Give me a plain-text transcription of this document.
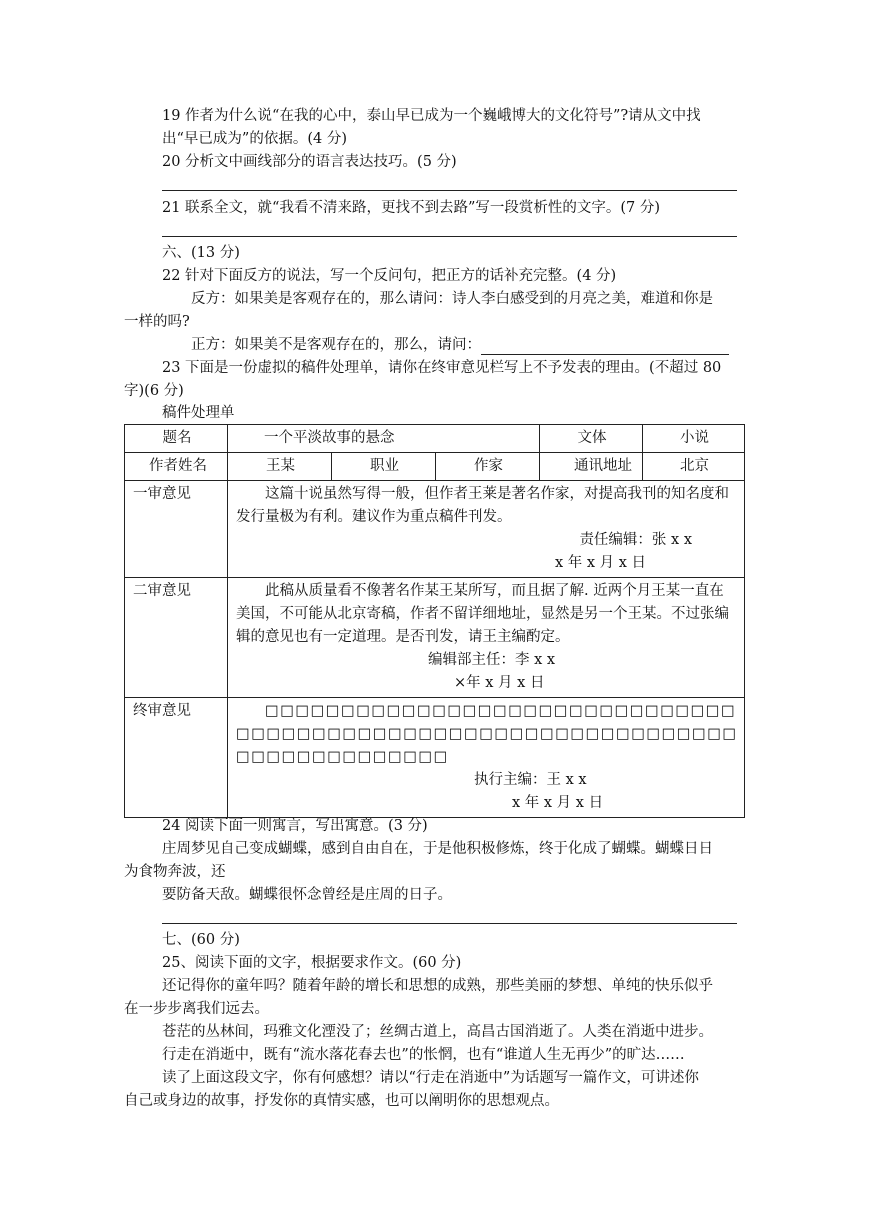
19 作者为什么说“在我的心中，泰山早已成为一个巍峨博大的文化符号”?请从文中找
出“早已成为”的依据。(4 分)
20 分析文中画线部分的语言表达技巧。(5 分)
21 联系全文，就“我看不清来路，更找不到去路”写一段赏析性的文字。(7 分)
六、(13 分)
22 针对下面反方的说法，写一个反问句，把正方的话补充完整。(4 分)
反方：如果美是客观存在的，那么请问：诗人李白感受到的月亮之美，难道和你是
一样的吗?
正方：如果美不是客观存在的，那么，请问：
23 下面是一份虚拟的稿件处理单，请你在终审意见栏写上不予发表的理由。(不超过 80
字)(6 分)
稿件处理单
题名	一个平淡故事的悬念			文体	小说
作者姓名	王某	职业	作家	通讯地址	北京
一审意见	这篇十说虽然写得一般，但作者王莱是著名作家，对提高我刊的知名度和发行量极为有利。建议作为重点稿件刊发。
责任编辑：张 x x
x 年 x 月 x 日				

二审意见	此稿从质量看不像著名作某王某所写，而且据了解. 近两个月王某一直在美国，不可能从北京寄稿，作者不留详细地址，显然是另一个王某。不过张编辑的意见也有一定道理。是否刊发，请王主编酌定。
编辑部主任：李 x x
×年 x 月 x 日				

终审意见	□□□□□□□□□□□□□□□□□□□□□□□□□□□□□□□□□□□□□□□□□□□□□□□□□□□□□□□□□□□□□□□□□□□□□□□□□□□□□□
执行主编：王 x x
x 年 x 月 x 日				
24 阅读下面一则寓言，写出寓意。(3 分)
庄周梦见自己变成蝴蝶，感到自由自在，于是他积极修炼，终于化成了蝴蝶。蝴蝶日日
为食物奔波，还
要防备天敌。蝴蝶很怀念曾经是庄周的日子。
七、(60 分)
25、阅读下面的文字，根据要求作文。(60 分)
还记得你的童年吗？随着年龄的增长和思想的成熟，那些美丽的梦想、单纯的快乐似乎
在一步步离我们远去。
苍茫的丛林间，玛雅文化湮没了；丝绸古道上，高昌古国消逝了。人类在消逝中进步。
行走在消逝中，既有“流水落花春去也”的怅惘，也有“谁道人生无再少”的旷达……
读了上面这段文字，你有何感想？请以“行走在消逝中”为话题写一篇作文，可讲述你
自己或身边的故事，抒发你的真情实感，也可以阐明你的思想观点。
